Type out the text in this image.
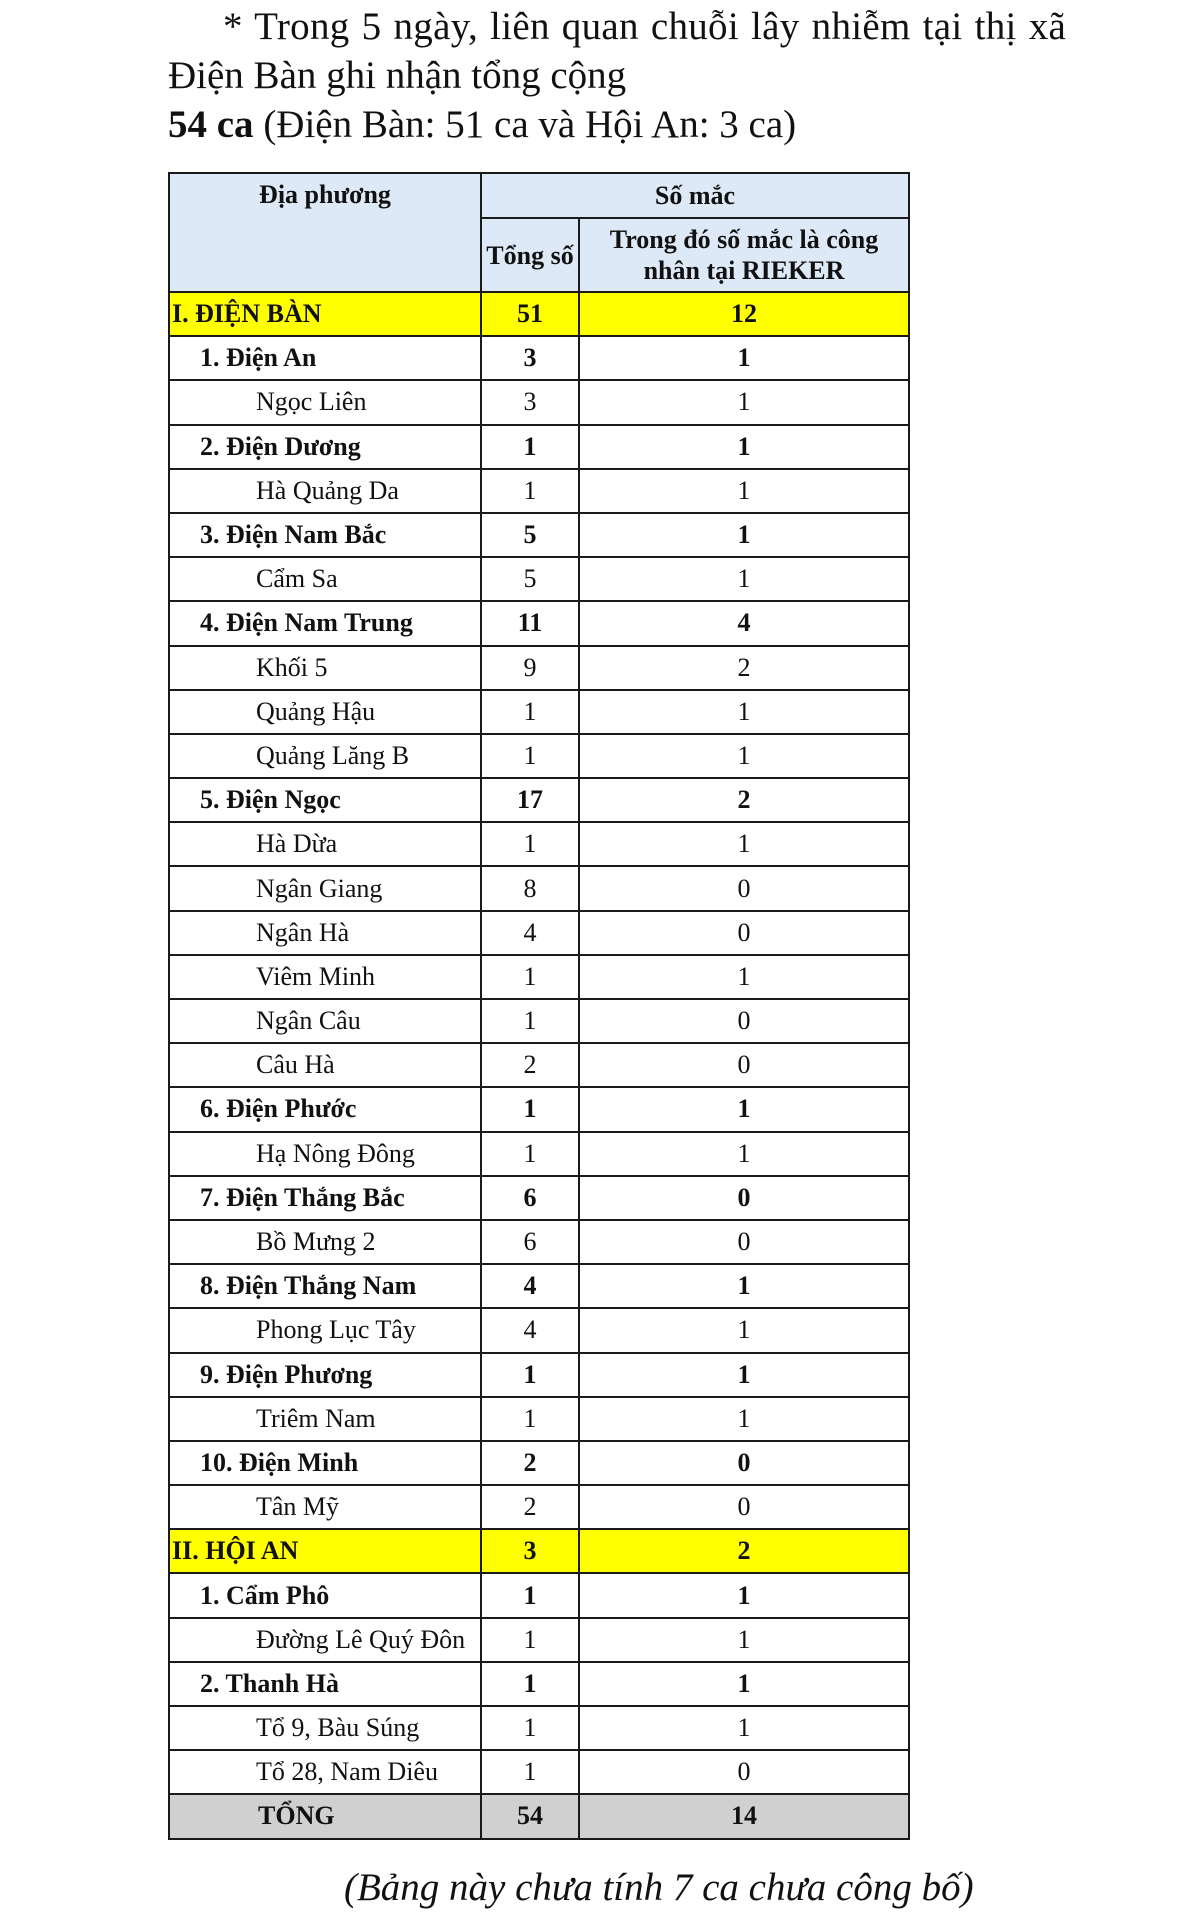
* Trong 5 ngày, liên quan chuỗi lây nhiễm tại thị xã
Điện Bàn ghi nhận tổng cộng
54 ca (Điện Bàn: 51 ca và Hội An: 3 ca)
Địa phương	Số mắc	
	Tổng số	Trong đó số mắc là công nhân tại RIEKER
I. ĐIỆN BÀN	51	12
1. Điện An	3	1
Ngọc Liên	3	1
2. Điện Dương	1	1
Hà Quảng Da	1	1
3. Điện Nam Bắc	5	1
Cẩm Sa	5	1
4. Điện Nam Trung	11	4
Khối 5	9	2
Quảng Hậu	1	1
Quảng Lăng B	1	1
5. Điện Ngọc	17	2
Hà Dừa	1	1
Ngân Giang	8	0
Ngân Hà	4	0
Viêm Minh	1	1
Ngân Câu	1	0
Câu Hà	2	0
6. Điện Phước	1	1
Hạ Nông Đông	1	1
7. Điện Thắng Bắc	6	0
Bồ Mưng 2	6	0
8. Điện Thắng Nam	4	1
Phong Lục Tây	4	1
9. Điện Phương	1	1
Triêm Nam	1	1
10. Điện Minh	2	0
Tân Mỹ	2	0
II. HỘI AN	3	2
1. Cẩm Phô	1	1
Đường Lê Quý Đôn	1	1
2. Thanh Hà	1	1
Tổ 9, Bàu Súng	1	1
Tổ 28, Nam Diêu	1	0
TỔNG	54	14
(Bảng này chưa tính 7 ca chưa công bố)
